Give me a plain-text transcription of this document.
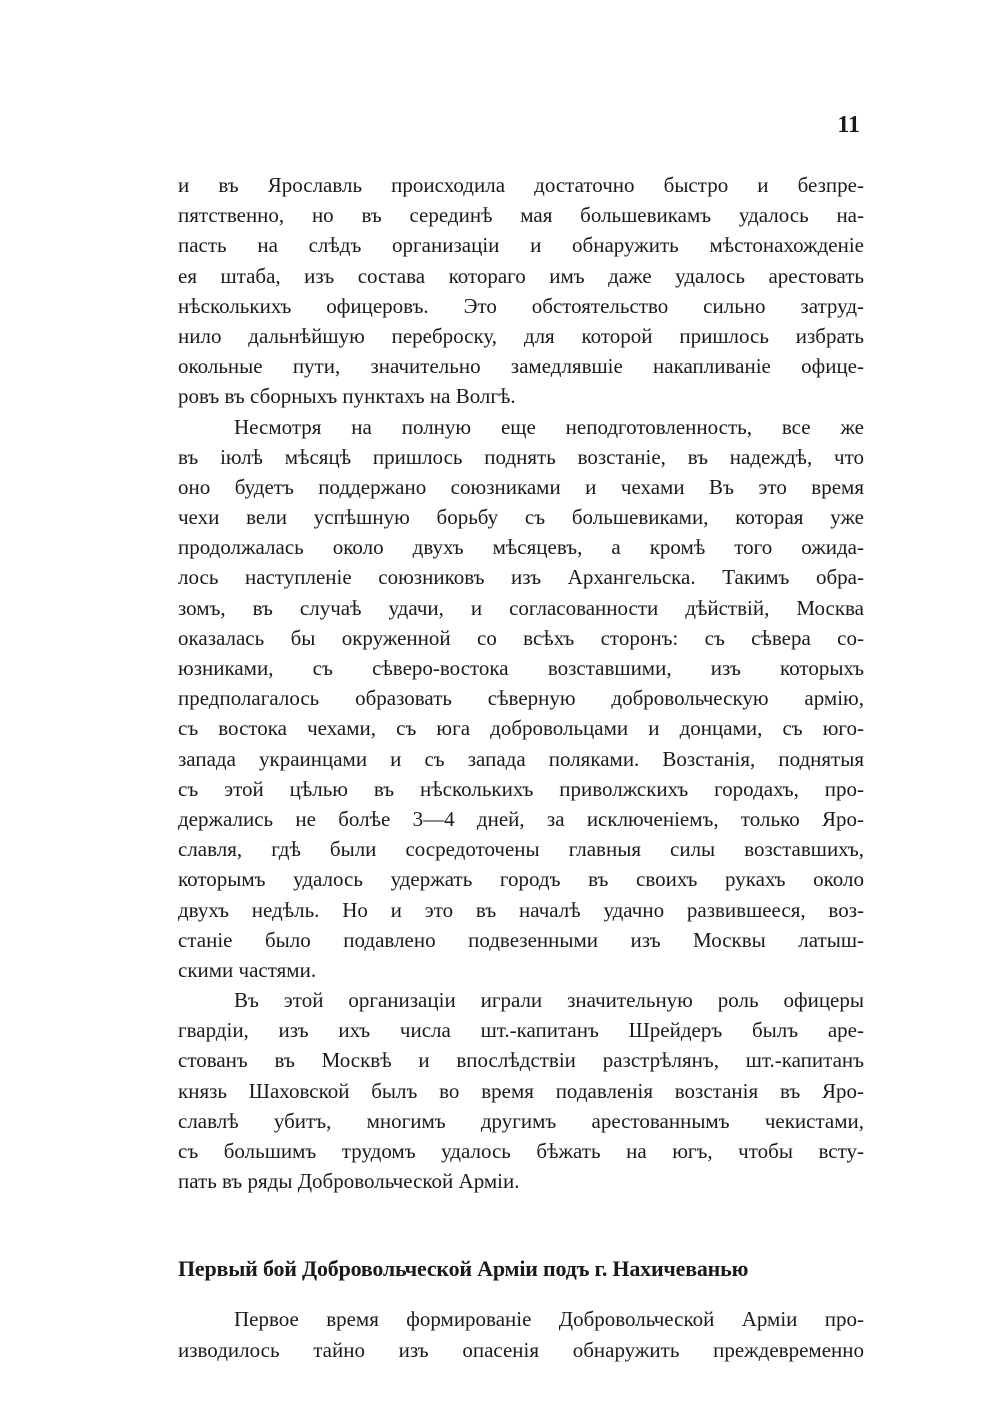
11
и въ Ярославль происходила достаточно быстро и безпре-
пятственно, но въ серединѣ мая большевикамъ удалось на-
пасть на слѣдъ организаціи и обнаружить мѣстонахожденіе
ея штаба, изъ состава котораго имъ даже удалось арестовать
нѣсколькихъ офицеровъ. Это обстоятельство сильно затруд-
нило дальнѣйшую переброску, для которой пришлось избрать
окольные пути, значительно замедлявшіе накапливаніе офице-
ровъ въ сборныхъ пунктахъ на Волгѣ.
Несмотря на полную еще неподготовленность, все же
въ іюлѣ мѣсяцѣ пришлось поднять возстаніе, въ надеждѣ, что
оно будетъ поддержано союзниками и чехами Въ это время
чехи вели успѣшную борьбу съ большевиками, которая уже
продолжалась около двухъ мѣсяцевъ, а кромѣ того ожида-
лось наступленіе союзниковъ изъ Архангельска. Такимъ обра-
зомъ, въ случаѣ удачи, и согласованности дѣйствій, Москва
оказалась бы окруженной со всѣхъ сторонъ: съ сѣвера со-
юзниками, съ сѣверо-востока возставшими, изъ которыхъ
предполагалось образовать сѣверную добровольческую армію,
съ востока чехами, съ юга добровольцами и донцами, съ юго-
запада украинцами и съ запада поляками. Возстанія, поднятыя
съ этой цѣлью въ нѣсколькихъ приволжскихъ городахъ, про-
держались не болѣе 3—4 дней, за исключеніемъ, только Яро-
славля, гдѣ были сосредоточены главныя силы возставшихъ,
которымъ удалось удержать городъ въ своихъ рукахъ около
двухъ недѣль. Но и это въ началѣ удачно развившееся, воз-
станіе было подавлено подвезенными изъ Москвы латыш-
скими частями.
Въ этой организаціи играли значительную роль офицеры
гвардіи, изъ ихъ числа шт.-капитанъ Шрейдеръ былъ аре-
стованъ въ Москвѣ и впослѣдствіи разстрѣлянъ, шт.-капитанъ
князь Шаховской былъ во время подавленія возстанія въ Яро-
славлѣ убитъ, многимъ другимъ арестованнымъ чекистами,
съ большимъ трудомъ удалось бѣжать на югъ, чтобы всту-
пать въ ряды Добровольческой Арміи.
Первый бой Добровольческой Арміи подъ г. Нахичеванью
Первое время формированіе Добровольческой Арміи про-
изводилось тайно изъ опасенія обнаружить преждевременно
